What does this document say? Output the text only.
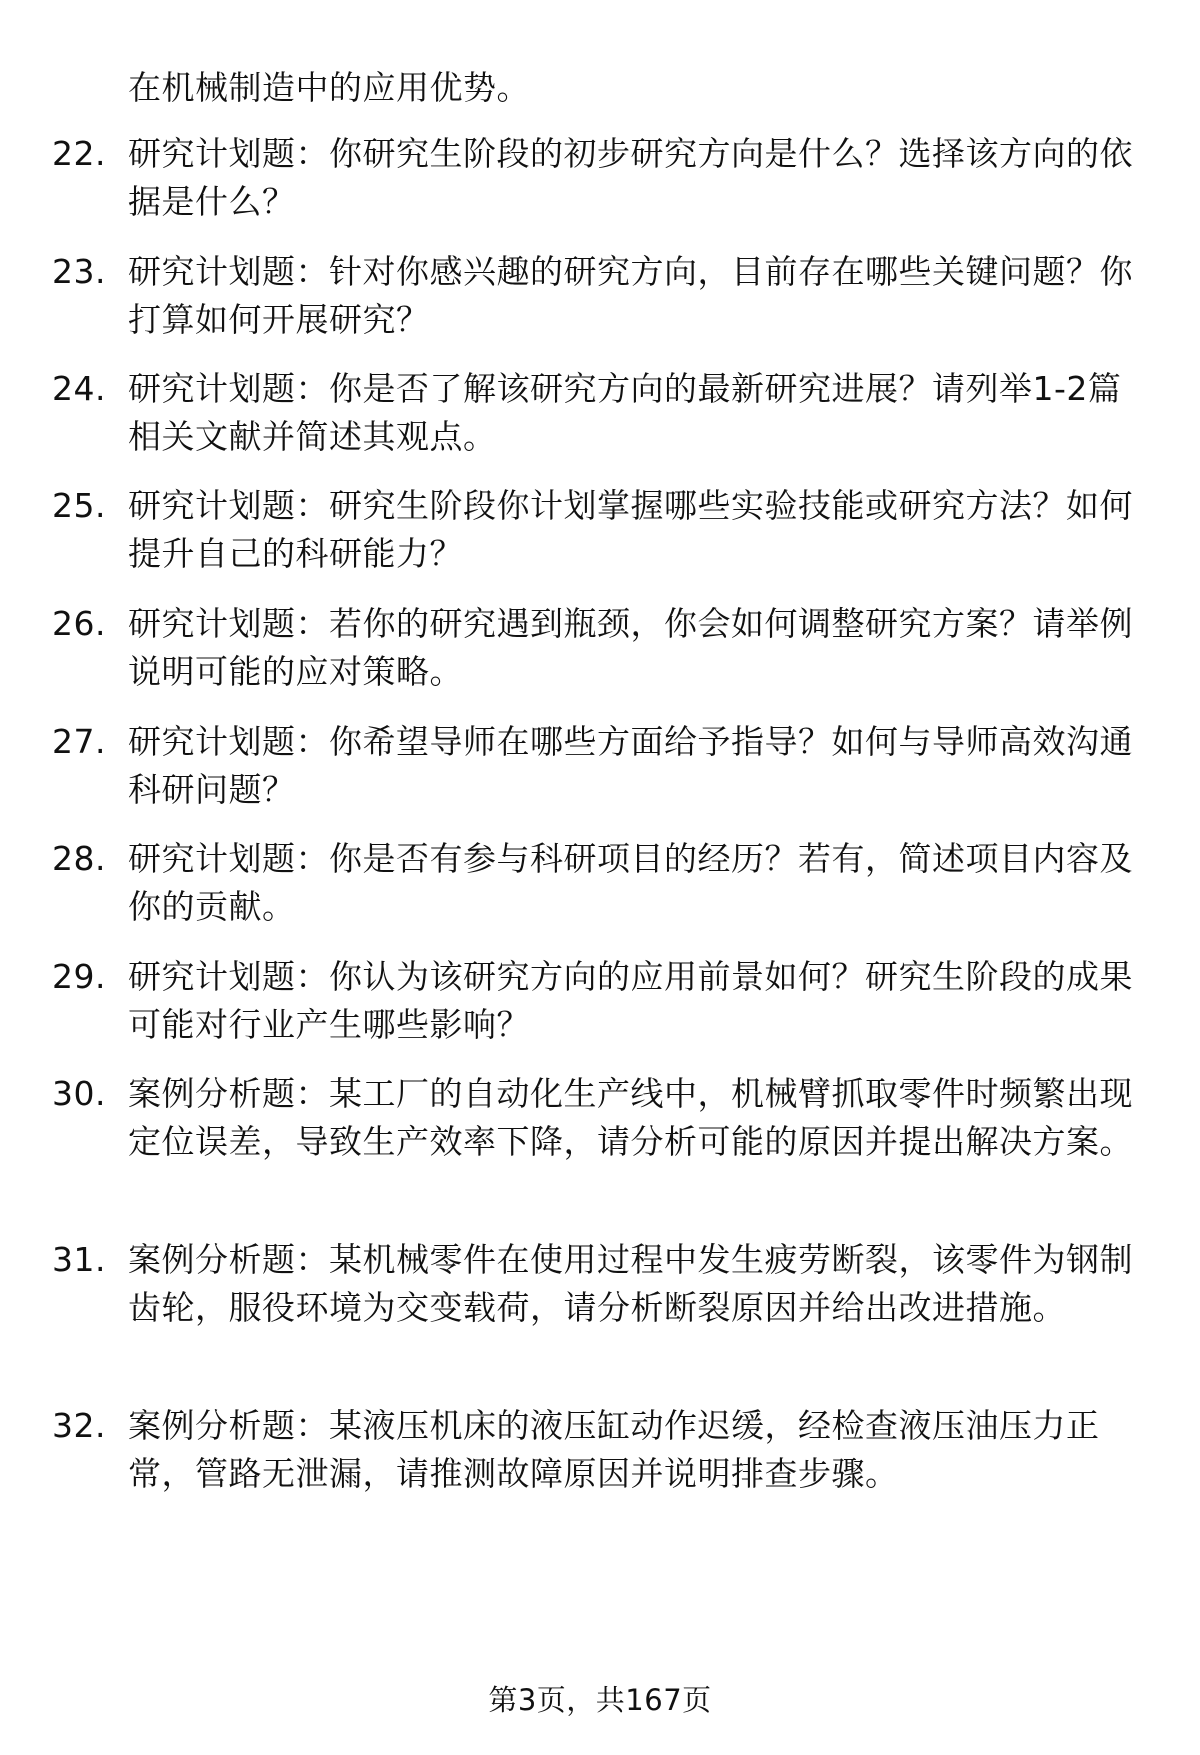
在机械制造中的应用优势。
22. 研究计划题：你研究生阶段的初步研究方向是什么？选择该方向的依据是什么？
23. 研究计划题：针对你感兴趣的研究方向，目前存在哪些关键问题？你打算如何开展研究？
24. 研究计划题：你是否了解该研究方向的最新研究进展？请列举1-2篇相关文献并简述其观点。
25. 研究计划题：研究生阶段你计划掌握哪些实验技能或研究方法？如何提升自己的科研能力？
26. 研究计划题：若你的研究遇到瓶颈，你会如何调整研究方案？请举例说明可能的应对策略。
27. 研究计划题：你希望导师在哪些方面给予指导？如何与导师高效沟通科研问题？
28. 研究计划题：你是否有参与科研项目的经历？若有，简述项目内容及你的贡献。
29. 研究计划题：你认为该研究方向的应用前景如何？研究生阶段的成果可能对行业产生哪些影响？
30. 案例分析题：某工厂的自动化生产线中，机械臂抓取零件时频繁出现定位误差，导致生产效率下降，请分析可能的原因并提出解决方案。
31. 案例分析题：某机械零件在使用过程中发生疲劳断裂，该零件为钢制齿轮，服役环境为交变载荷，请分析断裂原因并给出改进措施。
32. 案例分析题：某液压机床的液压缸动作迟缓，经检查液压油压力正常，管路无泄漏，请推测故障原因并说明排查步骤。
第3页，共167页
